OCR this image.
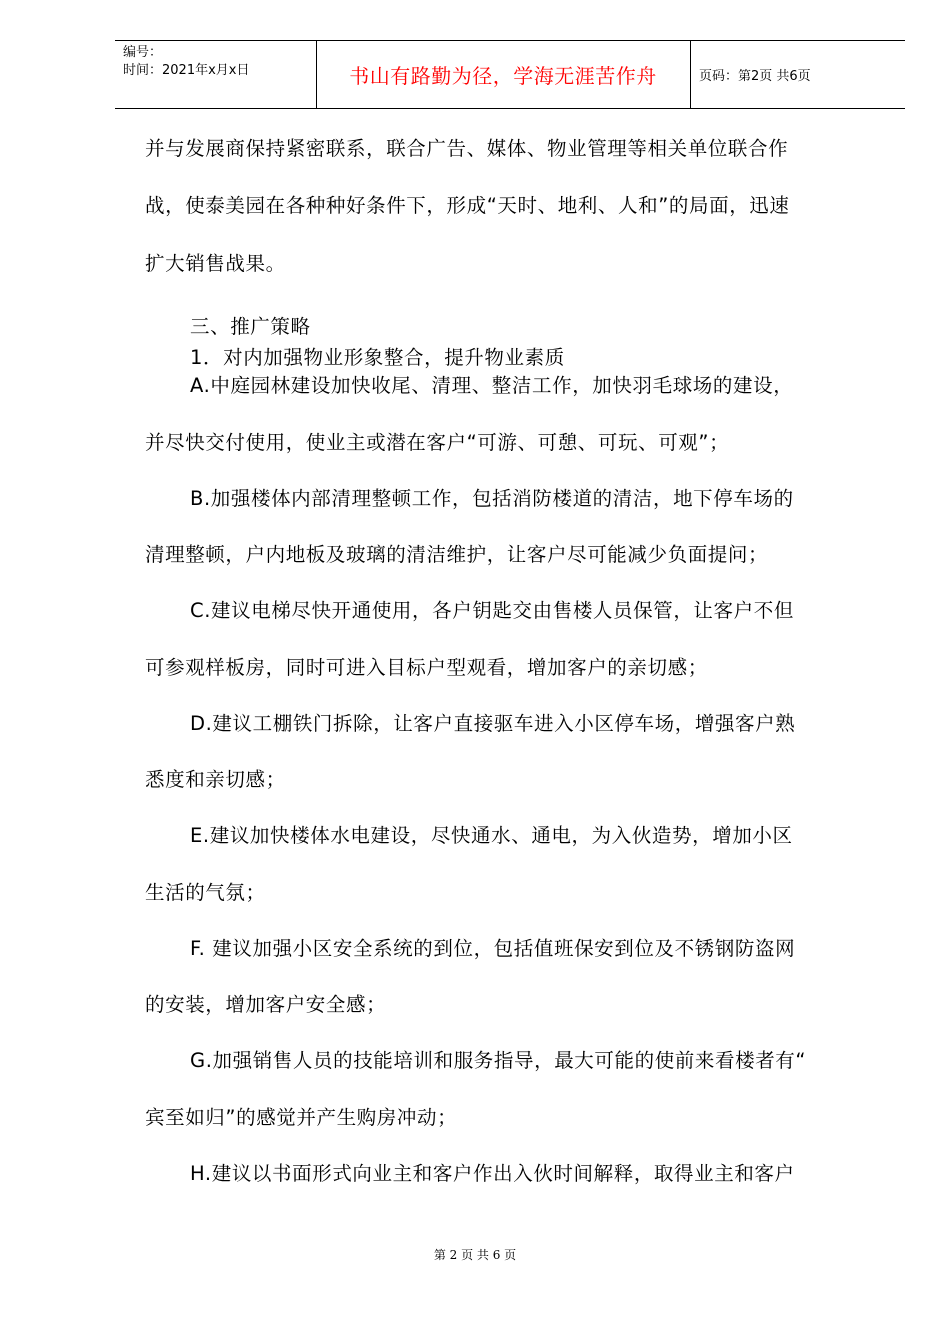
编号：
时间：2021年x月x日	书山有路勤为径，学海无涯苦作舟	页码：第2页 共6页
并与发展商保持紧密联系，联合广告、媒体、物业管理等相关单位联合作
战，使泰美园在各种种好条件下，形成“天时、地利、人和”的局面，迅速
扩大销售战果。
三、推广策略
1．对内加强物业形象整合，提升物业素质
A.中庭园林建设加快收尾、清理、整洁工作，加快羽毛球场的建设，
并尽快交付使用，使业主或潜在客户“可游、可憩、可玩、可观”；
B.加强楼体内部清理整顿工作，包括消防楼道的清洁，地下停车场的
清理整顿，户内地板及玻璃的清洁维护，让客户尽可能减少负面提问；
C.建议电梯尽快开通使用，各户钥匙交由售楼人员保管，让客户不但
可参观样板房，同时可进入目标户型观看，增加客户的亲切感；
D.建议工棚铁门拆除，让客户直接驱车进入小区停车场，增强客户熟
悉度和亲切感；
E.建议加快楼体水电建设，尽快通水、通电，为入伙造势，增加小区
生活的气氛；
F. 建议加强小区安全系统的到位，包括值班保安到位及不锈钢防盗网
的安装，增加客户安全感；
G.加强销售人员的技能培训和服务指导，最大可能的使前来看楼者有“
宾至如归”的感觉并产生购房冲动；
H.建议以书面形式向业主和客户作出入伙时间解释，取得业主和客户
第 2 页 共 6 页
